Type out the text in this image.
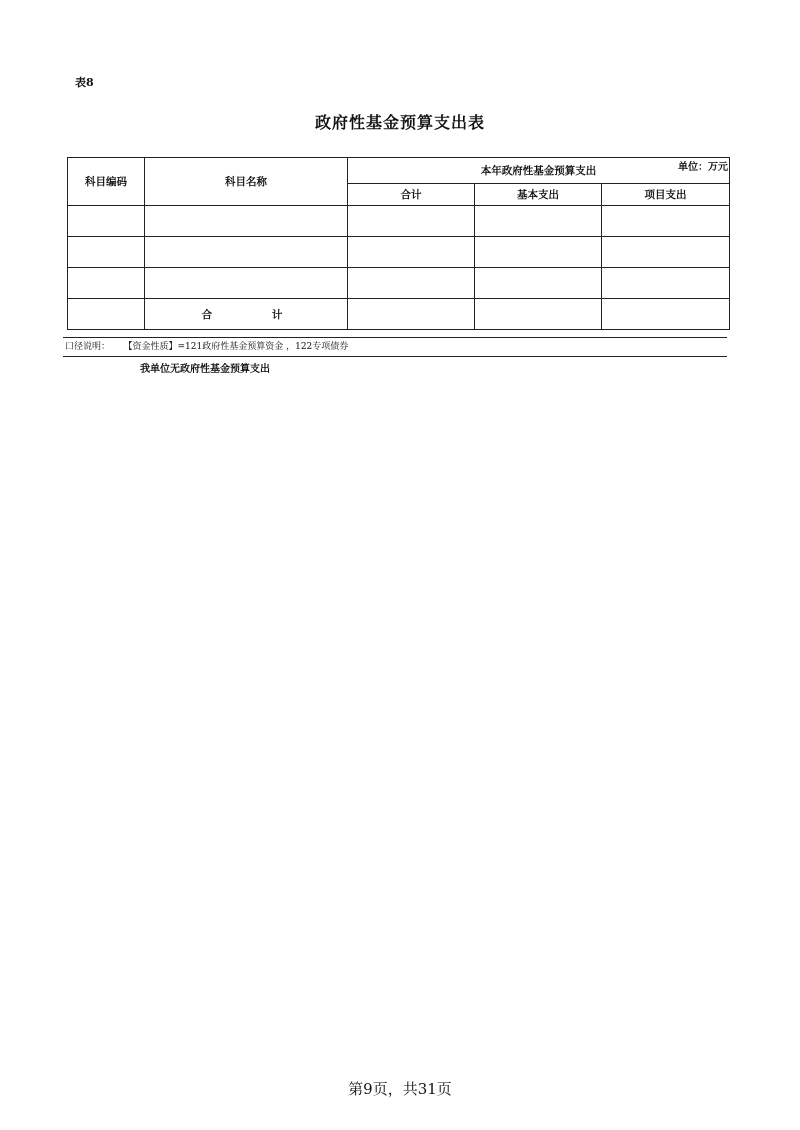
表8
政府性基金预算支出表
单位：万元
科目编码	科目名称	本年政府性基金预算支出		
		合计	基本支出	项目支出

	合 计			
口径说明： 【资金性质】=121政府性基金预算资金 ，122专项债券
我单位无政府性基金预算支出
第9页，共31页
